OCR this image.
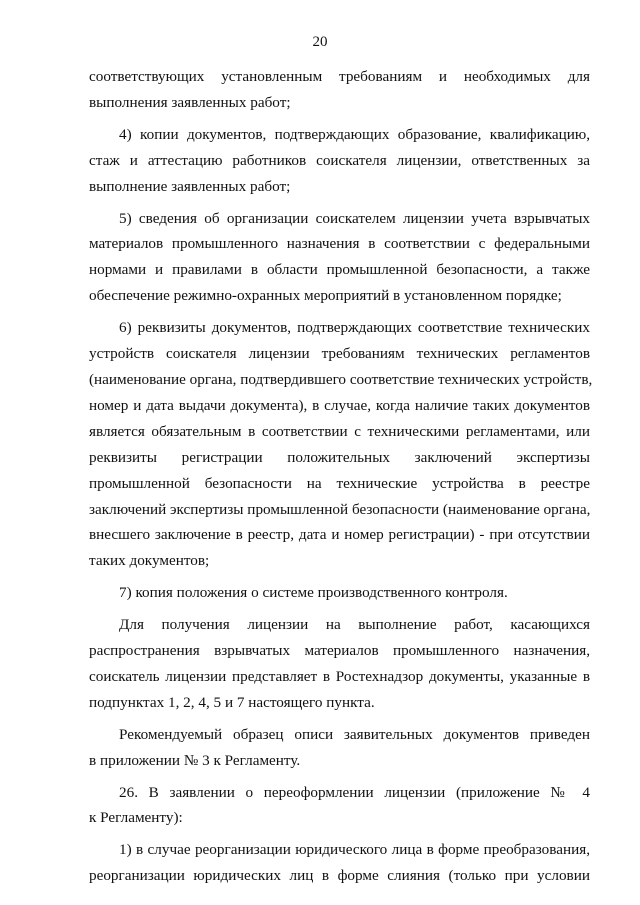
20
соответствующих установленным требованиям и необходимых для
выполнения заявленных работ;
4) копии документов, подтверждающих образование, квалификацию,
стаж и аттестацию работников соискателя лицензии, ответственных за
выполнение заявленных работ;
5) сведения об организации соискателем лицензии учета взрывчатых
материалов промышленного назначения в соответствии с федеральными
нормами и правилами в области промышленной безопасности, а также
обеспечение режимно-охранных мероприятий в установленном порядке;
6) реквизиты документов, подтверждающих соответствие технических
устройств соискателя лицензии требованиям технических регламентов
(наименование органа, подтвердившего соответствие технических устройств,
номер и дата выдачи документа), в случае, когда наличие таких документов
является обязательным в соответствии с техническими регламентами, или
реквизиты регистрации положительных заключений экспертизы
промышленной безопасности на технические устройства в реестре
заключений экспертизы промышленной безопасности (наименование органа,
внесшего заключение в реестр, дата и номер регистрации) - при отсутствии
таких документов;
7) копия положения о системе производственного контроля.
Для получения лицензии на выполнение работ, касающихся
распространения взрывчатых материалов промышленного назначения,
соискатель лицензии представляет в Ростехнадзор документы, указанные в
подпунктах 1, 2, 4, 5 и 7 настоящего пункта.
Рекомендуемый образец описи заявительных документов приведен
в приложении № 3 к Регламенту.
26. В заявлении о переоформлении лицензии (приложение № 4
к Регламенту):
1) в случае реорганизации юридического лица в форме преобразования,
реорганизации юридических лиц в форме слияния (только при условии
